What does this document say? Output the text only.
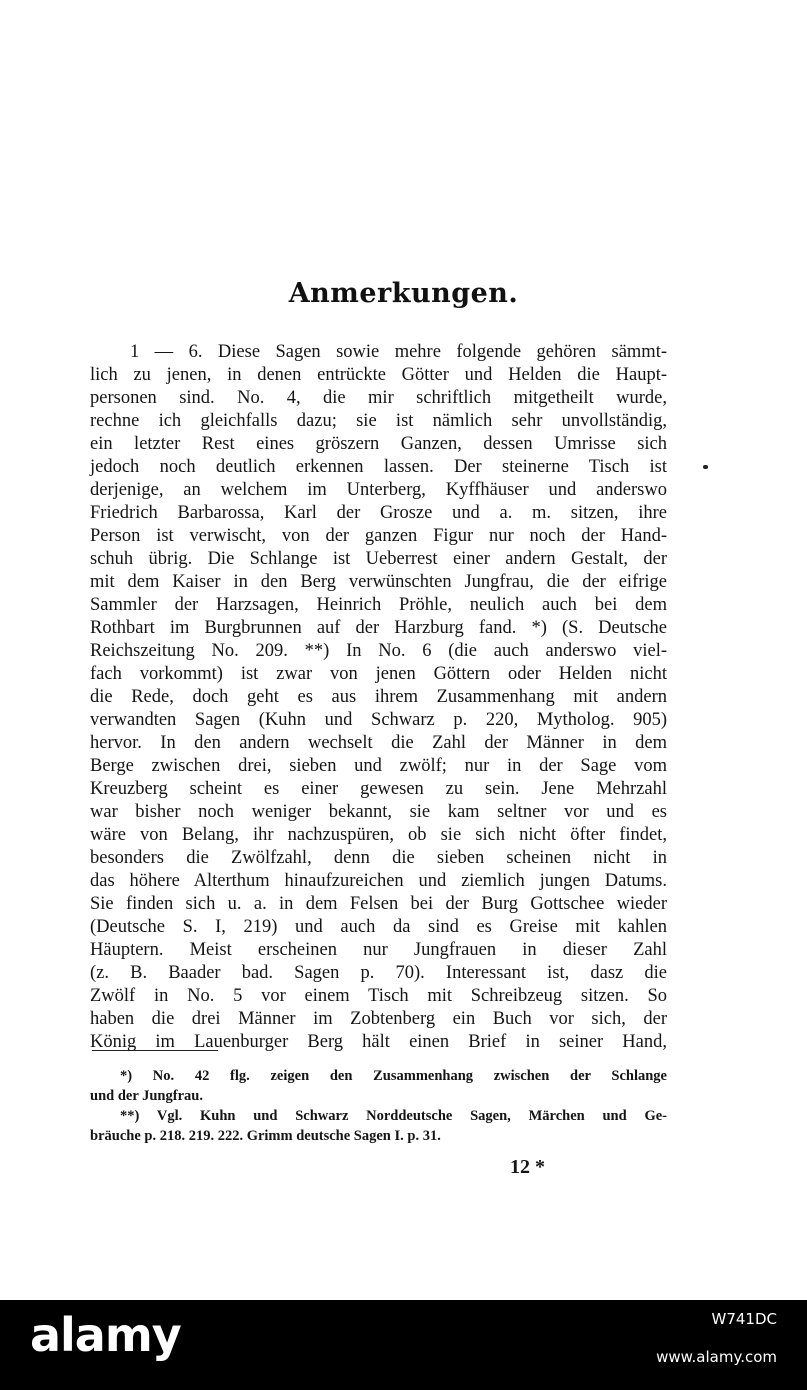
Anmerkungen.
1 — 6. Diese Sagen sowie mehre folgende gehören sämmt-
lich zu jenen, in denen entrückte Götter und Helden die Haupt-
personen sind. No. 4, die mir schriftlich mitgetheilt wurde,
rechne ich gleichfalls dazu; sie ist nämlich sehr unvollständig,
ein letzter Rest eines gröszern Ganzen, dessen Umrisse sich
jedoch noch deutlich erkennen lassen. Der steinerne Tisch ist
derjenige, an welchem im Unterberg, Kyffhäuser und anderswo
Friedrich Barbarossa, Karl der Grosze und a. m. sitzen, ihre
Person ist verwischt, von der ganzen Figur nur noch der Hand-
schuh übrig. Die Schlange ist Ueberrest einer andern Gestalt, der
mit dem Kaiser in den Berg verwünschten Jungfrau, die der eifrige
Sammler der Harzsagen, Heinrich Pröhle, neulich auch bei dem
Rothbart im Burgbrunnen auf der Harzburg fand. *) (S. Deutsche
Reichszeitung No. 209. **) In No. 6 (die auch anderswo viel-
fach vorkommt) ist zwar von jenen Göttern oder Helden nicht
die Rede, doch geht es aus ihrem Zusammenhang mit andern
verwandten Sagen (Kuhn und Schwarz p. 220, Mytholog. 905)
hervor. In den andern wechselt die Zahl der Männer in dem
Berge zwischen drei, sieben und zwölf; nur in der Sage vom
Kreuzberg scheint es einer gewesen zu sein. Jene Mehrzahl
war bisher noch weniger bekannt, sie kam seltner vor und es
wäre von Belang, ihr nachzuspüren, ob sie sich nicht öfter findet,
besonders die Zwölfzahl, denn die sieben scheinen nicht in
das höhere Alterthum hinaufzureichen und ziemlich jungen Datums.
Sie finden sich u. a. in dem Felsen bei der Burg Gottschee wieder
(Deutsche S. I, 219) und auch da sind es Greise mit kahlen
Häuptern. Meist erscheinen nur Jungfrauen in dieser Zahl
(z. B. Baader bad. Sagen p. 70). Interessant ist, dasz die
Zwölf in No. 5 vor einem Tisch mit Schreibzeug sitzen. So
haben die drei Männer im Zobtenberg ein Buch vor sich, der
König im Lauenburger Berg hält einen Brief in seiner Hand,
*) No. 42 flg. zeigen den Zusammenhang zwischen der Schlange
und der Jungfrau.
**) Vgl. Kuhn und Schwarz Norddeutsche Sagen, Märchen und Ge-
bräuche p. 218. 219. 222. Grimm deutsche Sagen I. p. 31.
12 *
alamy	W741DC
www.alamy.com
